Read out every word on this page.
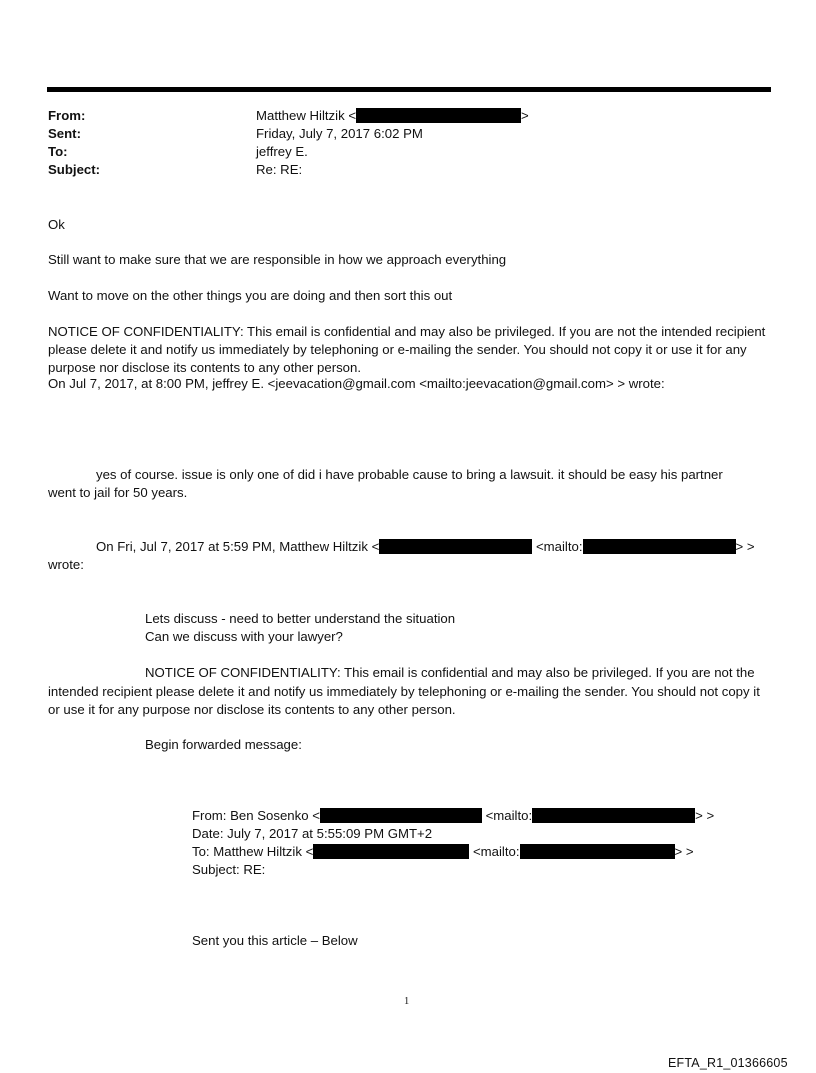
From:	Matthew Hiltzik <	>
Sent:	Friday, July 7, 2017 6:02 PM
To:	jeffrey E.
Subject:	Re: RE:
Ok
Still want to make sure that we are responsible in how we approach everything
Want to move on the other things you are doing and then sort this out
NOTICE OF CONFIDENTIALITY: This email is confidential and may also be privileged. If you are not the intended recipient please delete it and notify us immediately by telephoning or e-mailing the sender. You should not copy it or use it for any purpose nor disclose its contents to any other person.
On Jul 7, 2017, at 8:00 PM, jeffrey E. <jeevacation@gmail.com <mailto:jeevacation@gmail.com> > wrote:
yes of course. issue is only one of did i have probable cause to bring a lawsuit. it should be easy his partner
went to jail for 50 years.
On Fri, Jul 7, 2017 at 5:59 PM, Matthew Hiltzik <	<mailto:	> >
wrote:
Lets discuss - need to better understand the situation
Can we discuss with your lawyer?
NOTICE OF CONFIDENTIALITY: This email is confidential and may also be privileged. If you are not the
intended recipient please delete it and notify us immediately by telephoning or e-mailing the sender. You should not copy it or use it for any purpose nor disclose its contents to any other person.
Begin forwarded message:
From: Ben Sosenko <	<mailto:	> >
Date: July 7, 2017 at 5:55:09 PM GMT+2
To: Matthew Hiltzik <	<mailto:	> >
Subject: RE:
Sent you this article – Below
1
EFTA_R1_01366605
